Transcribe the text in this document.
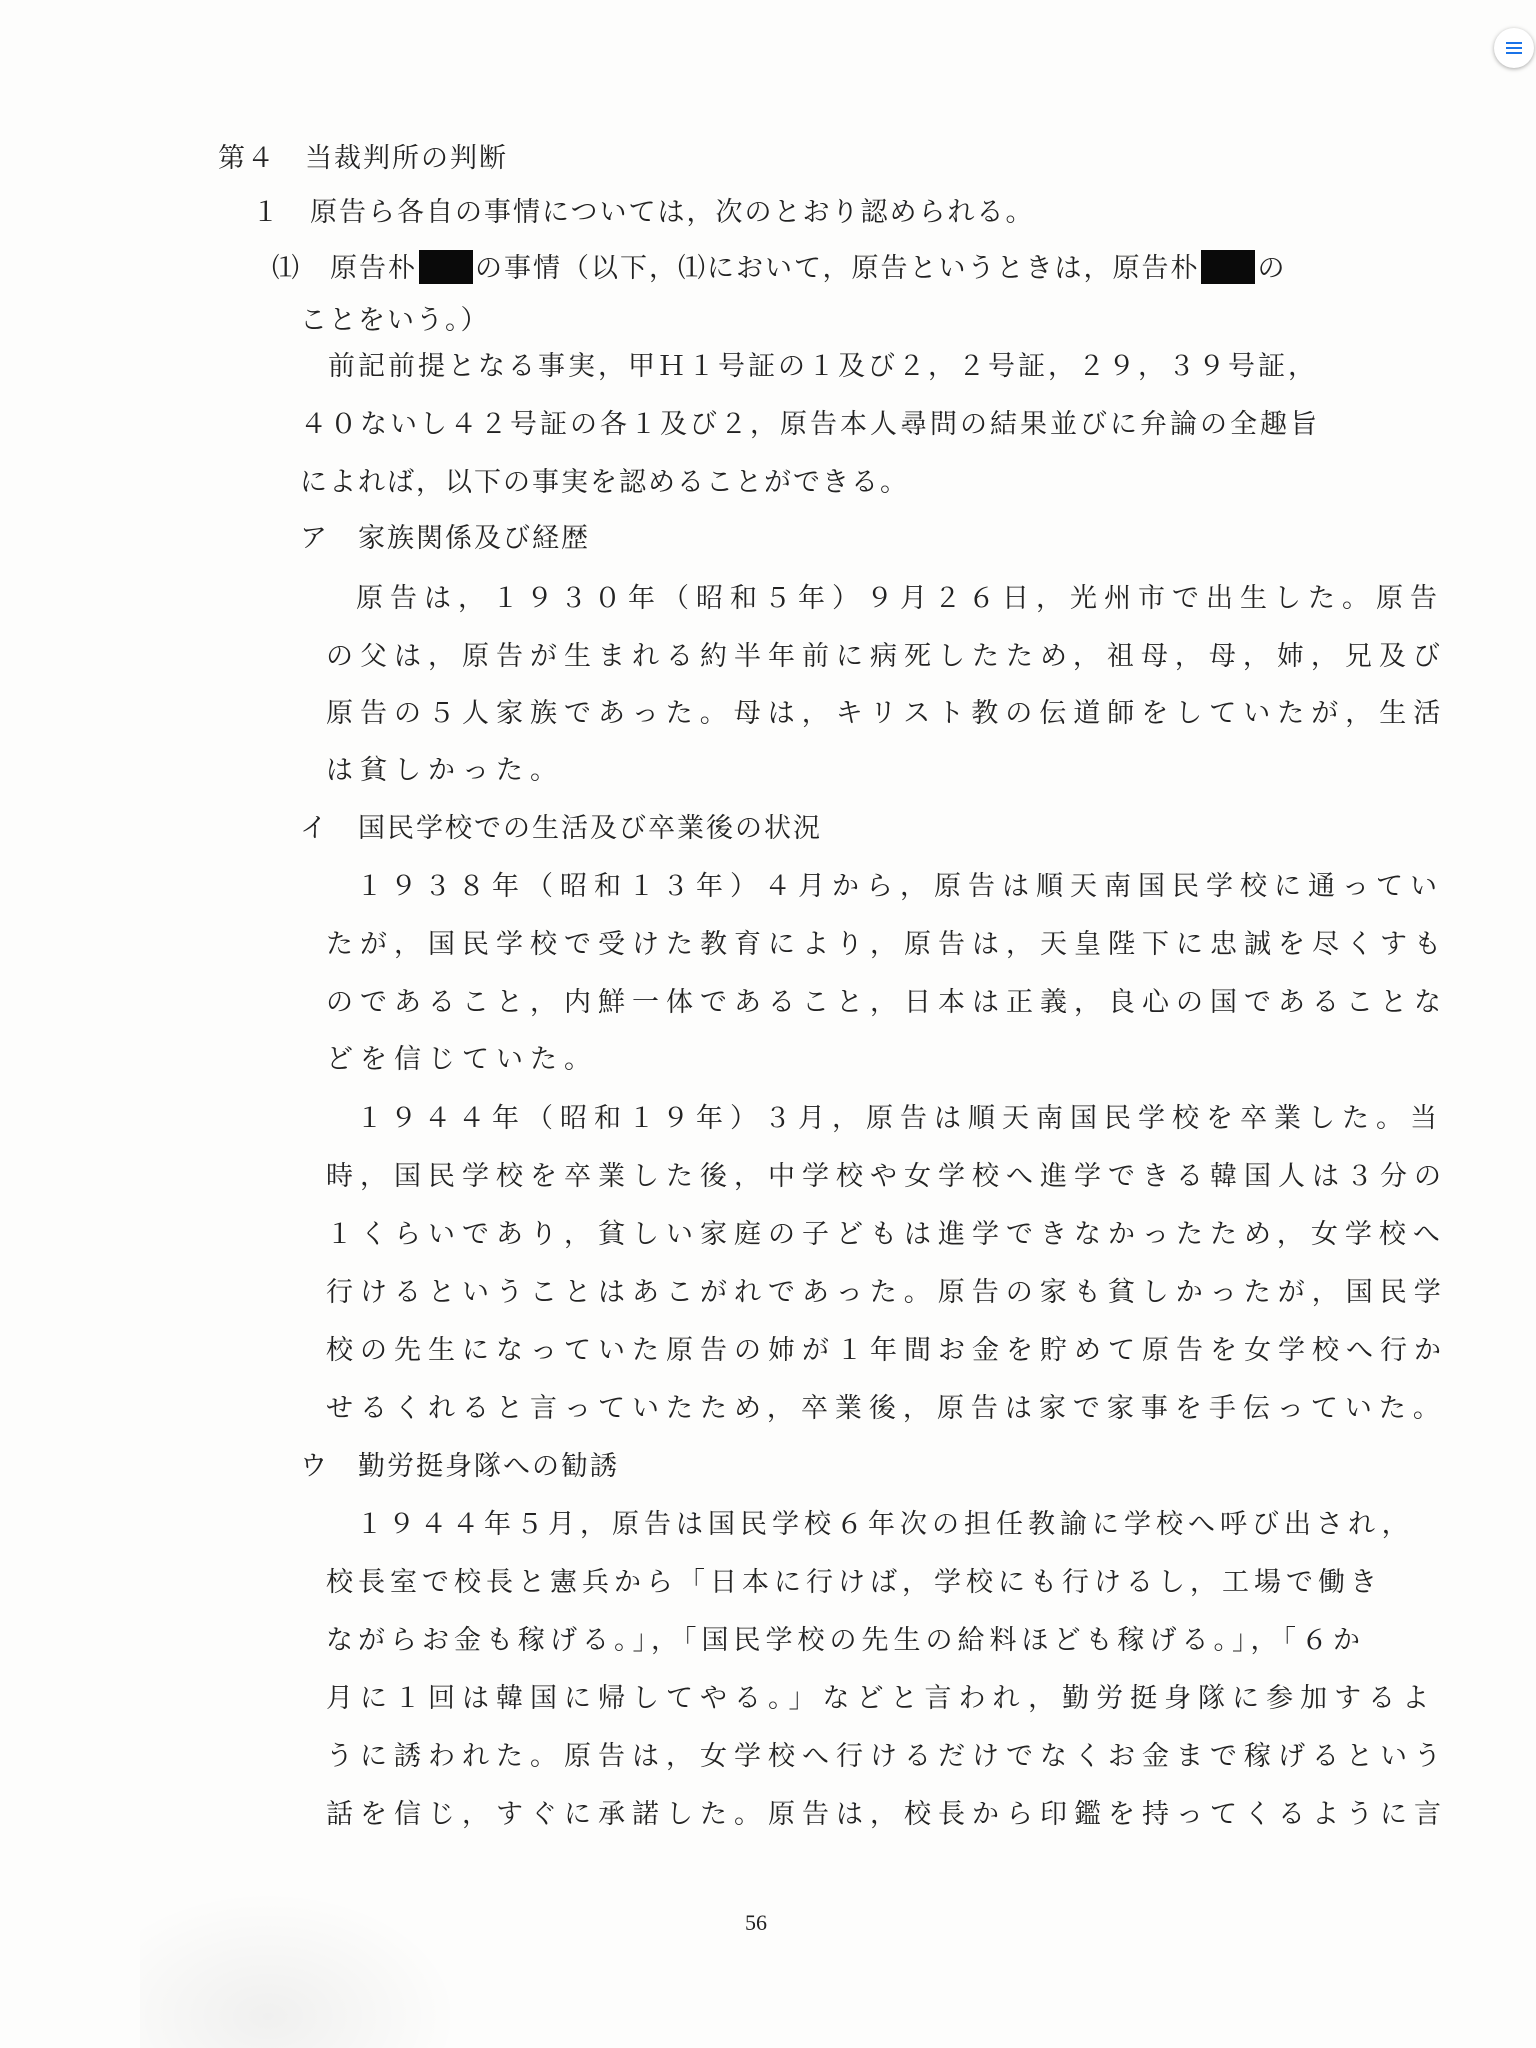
第４　当裁判所の判断
１　原告ら各自の事情については，次のとおり認められる。
⑴　原告朴 の事情（以下，⑴において，原告というときは，原告朴 の
ことをいう。）
前記前提となる事実，甲Ｈ１号証の１及び２，２号証，２９，３９号証，
４０ないし４２号証の各１及び２，原告本人尋問の結果並びに弁論の全趣旨
によれば，以下の事実を認めることができる。
ア　家族関係及び経歴
原告は，１９３０年（昭和５年）９月２６日，光州市で出生した。原告
の父は，原告が生まれる約半年前に病死したため，祖母，母，姉，兄及び
原告の５人家族であった。母は，キリスト教の伝道師をしていたが，生活
は貧しかった。
イ　国民学校での生活及び卒業後の状況
１９３８年（昭和１３年）４月から，原告は順天南国民学校に通ってい
たが，国民学校で受けた教育により，原告は，天皇陛下に忠誠を尽くすも
のであること，内鮮一体であること，日本は正義，良心の国であることな
どを信じていた。
１９４４年（昭和１９年）３月，原告は順天南国民学校を卒業した。当
時，国民学校を卒業した後，中学校や女学校へ進学できる韓国人は３分の
１くらいであり，貧しい家庭の子どもは進学できなかったため，女学校へ
行けるということはあこがれであった。原告の家も貧しかったが，国民学
校の先生になっていた原告の姉が１年間お金を貯めて原告を女学校へ行か
せるくれると言っていたため，卒業後，原告は家で家事を手伝っていた。
ウ　勤労挺身隊への勧誘
１９４４年５月，原告は国民学校６年次の担任教諭に学校へ呼び出され，
校長室で校長と憲兵から「日本に行けば，学校にも行けるし，工場で働き
ながらお金も稼げる。」，「国民学校の先生の給料ほども稼げる。」，「６か
月に１回は韓国に帰してやる。」などと言われ，勤労挺身隊に参加するよ
うに誘われた。原告は，女学校へ行けるだけでなくお金まで稼げるという
話を信じ，すぐに承諾した。原告は，校長から印鑑を持ってくるように言
56
